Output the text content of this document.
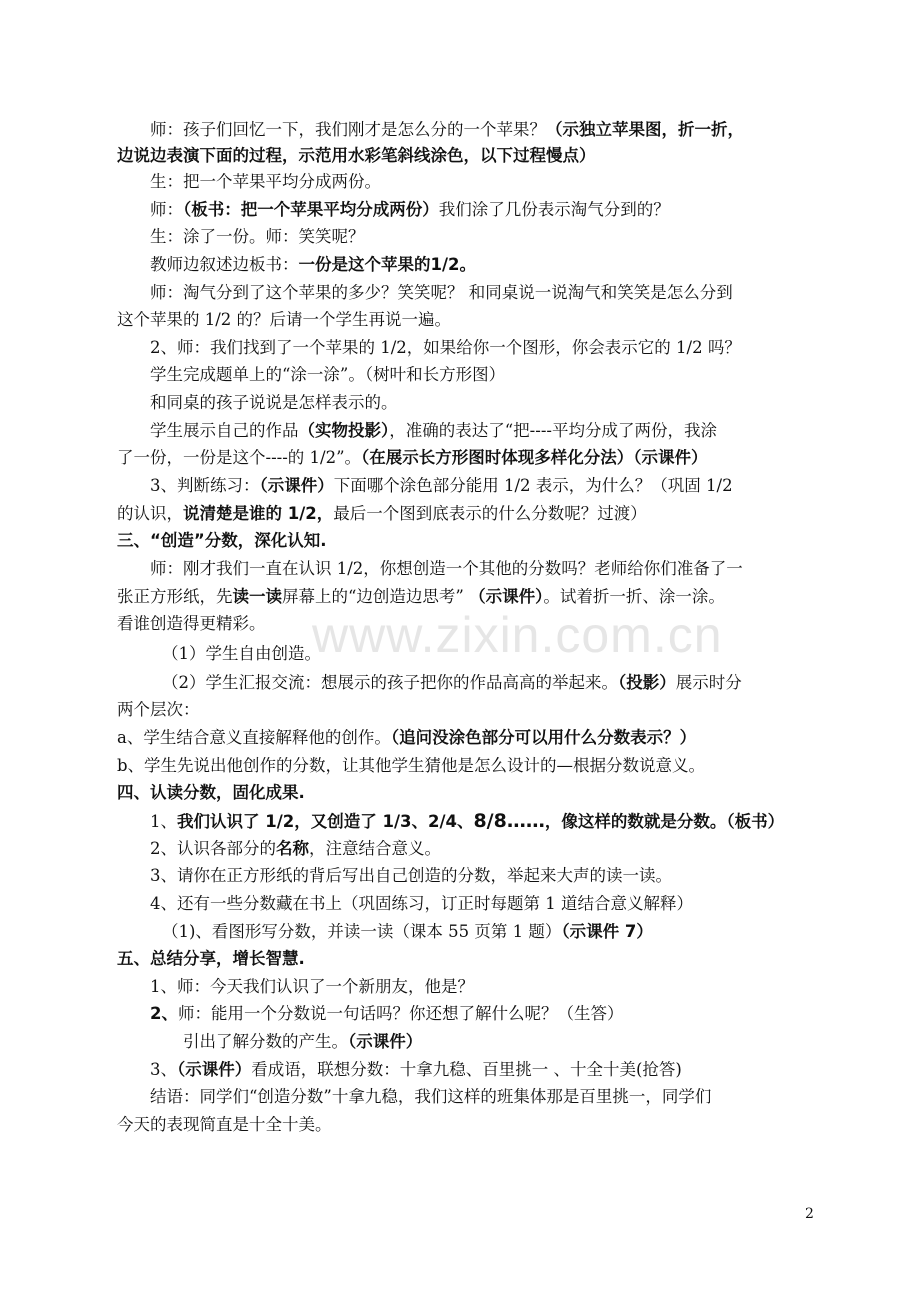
www.zixin.com.cn
师：孩子们回忆一下，我们刚才是怎么分的一个苹果？（示独立苹果图，折一折，
边说边表演下面的过程，示范用水彩笔斜线涂色，以下过程慢点）
生：把一个苹果平均分成两份。
师：（板书：把一个苹果平均分成两份）我们涂了几份表示淘气分到的？
生：涂了一份。师：笑笑呢？
教师边叙述边板书：一份是这个苹果的1/2。
师：淘气分到了这个苹果的多少？笑笑呢？ 和同桌说一说淘气和笑笑是怎么分到
这个苹果的 1/2 的？后请一个学生再说一遍。
2、师：我们找到了一个苹果的 1/2，如果给你一个图形，你会表示它的 1/2 吗？
学生完成题单上的“涂一涂”。（树叶和长方形图）
和同桌的孩子说说是怎样表示的。
学生展示自己的作品（实物投影），准确的表达了“把----平均分成了两份，我涂
了一份，一份是这个----的 1/2”。（在展示长方形图时体现多样化分法）（示课件）
3、判断练习：（示课件）下面哪个涂色部分能用 1/2 表示，为什么？（巩固 1/2
的认识，说清楚是谁的 1/2，最后一个图到底表示的什么分数呢？过渡）
三、“创造”分数，深化认知.
师：刚才我们一直在认识 1/2，你想创造一个其他的分数吗？老师给你们准备了一
张正方形纸，先读一读屏幕上的“边创造边思考” （示课件）。试着折一折、涂一涂。
看谁创造得更精彩。
（1）学生自由创造。
（2）学生汇报交流：想展示的孩子把你的作品高高的举起来。（投影）展示时分
两个层次：
a、学生结合意义直接解释他的创作。（追问没涂色部分可以用什么分数表示？）
b、学生先说出他创作的分数，让其他学生猜他是怎么设计的—根据分数说意义。
四、认读分数，固化成果.
1、我们认识了 1/2，又创造了 1/3、2/4、8/8……，像这样的数就是分数。（板书）
2、认识各部分的名称，注意结合意义。
3、请你在正方形纸的背后写出自己创造的分数，举起来大声的读一读。
4、还有一些分数藏在书上（巩固练习，订正时每题第 1 道结合意义解释）
（1)、看图形写分数，并读一读（课本 55 页第 1 题）（示课件 7）
五、总结分享，增长智慧.
1、师：今天我们认识了一个新朋友，他是？
2、师：能用一个分数说一句话吗？你还想了解什么呢？（生答）
引出了解分数的产生。（示课件）
3、（示课件）看成语，联想分数：十拿九稳、百里挑一 、十全十美(抢答)
结语：同学们“创造分数”十拿九稳，我们这样的班集体那是百里挑一，同学们
今天的表现简直是十全十美。
2
